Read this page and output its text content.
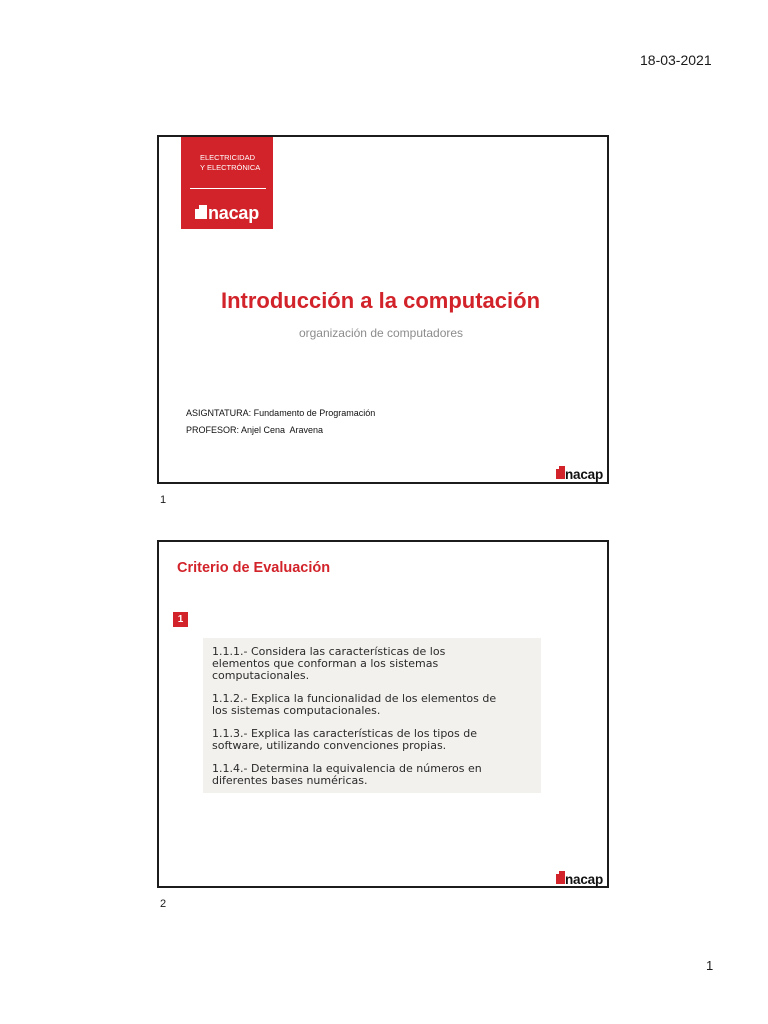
18-03-2021
ELECTRICIDAD
Y ELECTRÓNICA
nacap
Introducción a la computación
organización de computadores
ASIGNTATURA: Fundamento de Programación
PROFESOR: Anjel Cena  Aravena
nacap
1
Criterio de Evaluación
1
1.1.1.- Considera las características de los
elementos que conforman a los sistemas
computacionales.
1.1.2.- Explica la funcionalidad de los elementos de
los sistemas computacionales.
1.1.3.- Explica las características de los tipos de
software, utilizando convenciones propias.
1.1.4.- Determina la equivalencia de números en
diferentes bases numéricas.
nacap
2
1
